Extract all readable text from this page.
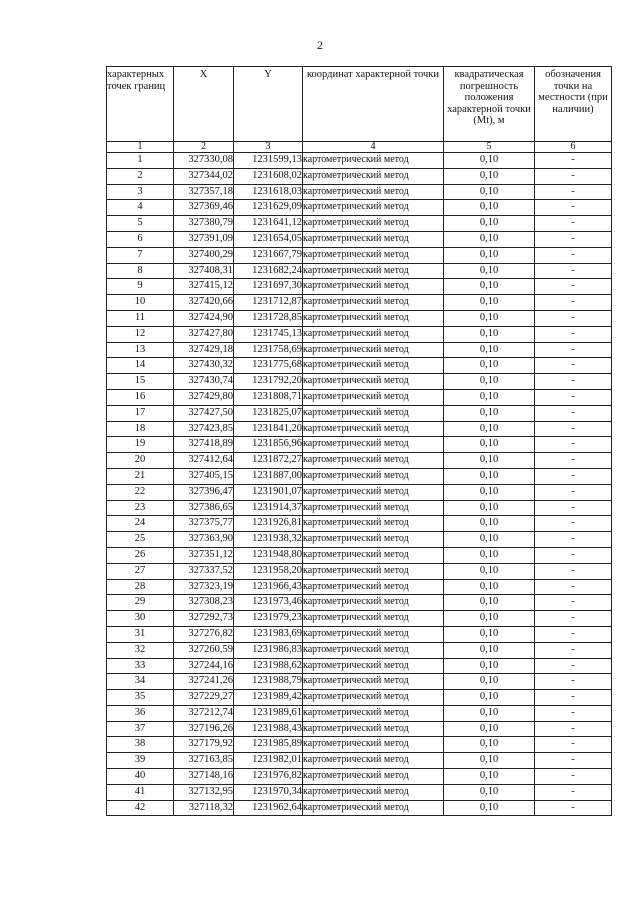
2
характерных точек границ	X	Y	координат характерной точки	квадратическая погрешность положения характерной точки (Mt), м	обозначения точки на местности (при наличии)
1	2	3	4	5	6
1	327330,08	1231599,13	картометрический метод	0,10	-
2	327344,02	1231608,02	картометрический метод	0,10	-
3	327357,18	1231618,03	картометрический метод	0,10	-
4	327369,46	1231629,09	картометрический метод	0,10	-
5	327380,79	1231641,12	картометрический метод	0,10	-
6	327391,09	1231654,05	картометрический метод	0,10	-
7	327400,29	1231667,79	картометрический метод	0,10	-
8	327408,31	1231682,24	картометрический метод	0,10	-
9	327415,12	1231697,30	картометрический метод	0,10	-
10	327420,66	1231712,87	картометрический метод	0,10	-
11	327424,90	1231728,85	картометрический метод	0,10	-
12	327427,80	1231745,13	картометрический метод	0,10	-
13	327429,18	1231758,69	картометрический метод	0,10	-
14	327430,32	1231775,68	картометрический метод	0,10	-
15	327430,74	1231792,20	картометрический метод	0,10	-
16	327429,80	1231808,71	картометрический метод	0,10	-
17	327427,50	1231825,07	картометрический метод	0,10	-
18	327423,85	1231841,20	картометрический метод	0,10	-
19	327418,89	1231856,96	картометрический метод	0,10	-
20	327412,64	1231872,27	картометрический метод	0,10	-
21	327405,15	1231887,00	картометрический метод	0,10	-
22	327396,47	1231901,07	картометрический метод	0,10	-
23	327386,65	1231914,37	картометрический метод	0,10	-
24	327375,77	1231926,81	картометрический метод	0,10	-
25	327363,90	1231938,32	картометрический метод	0,10	-
26	327351,12	1231948,80	картометрический метод	0,10	-
27	327337,52	1231958,20	картометрический метод	0,10	-
28	327323,19	1231966,43	картометрический метод	0,10	-
29	327308,23	1231973,46	картометрический метод	0,10	-
30	327292,73	1231979,23	картометрический метод	0,10	-
31	327276,82	1231983,69	картометрический метод	0,10	-
32	327260,59	1231986,83	картометрический метод	0,10	-
33	327244,16	1231988,62	картометрический метод	0,10	-
34	327241,26	1231988,79	картометрический метод	0,10	-
35	327229,27	1231989,42	картометрический метод	0,10	-
36	327212,74	1231989,61	картометрический метод	0,10	-
37	327196,26	1231988,43	картометрический метод	0,10	-
38	327179,92	1231985,89	картометрический метод	0,10	-
39	327163,85	1231982,01	картометрический метод	0,10	-
40	327148,16	1231976,82	картометрический метод	0,10	-
41	327132,95	1231970,34	картометрический метод	0,10	-
42	327118,32	1231962,64	картометрический метод	0,10	-
